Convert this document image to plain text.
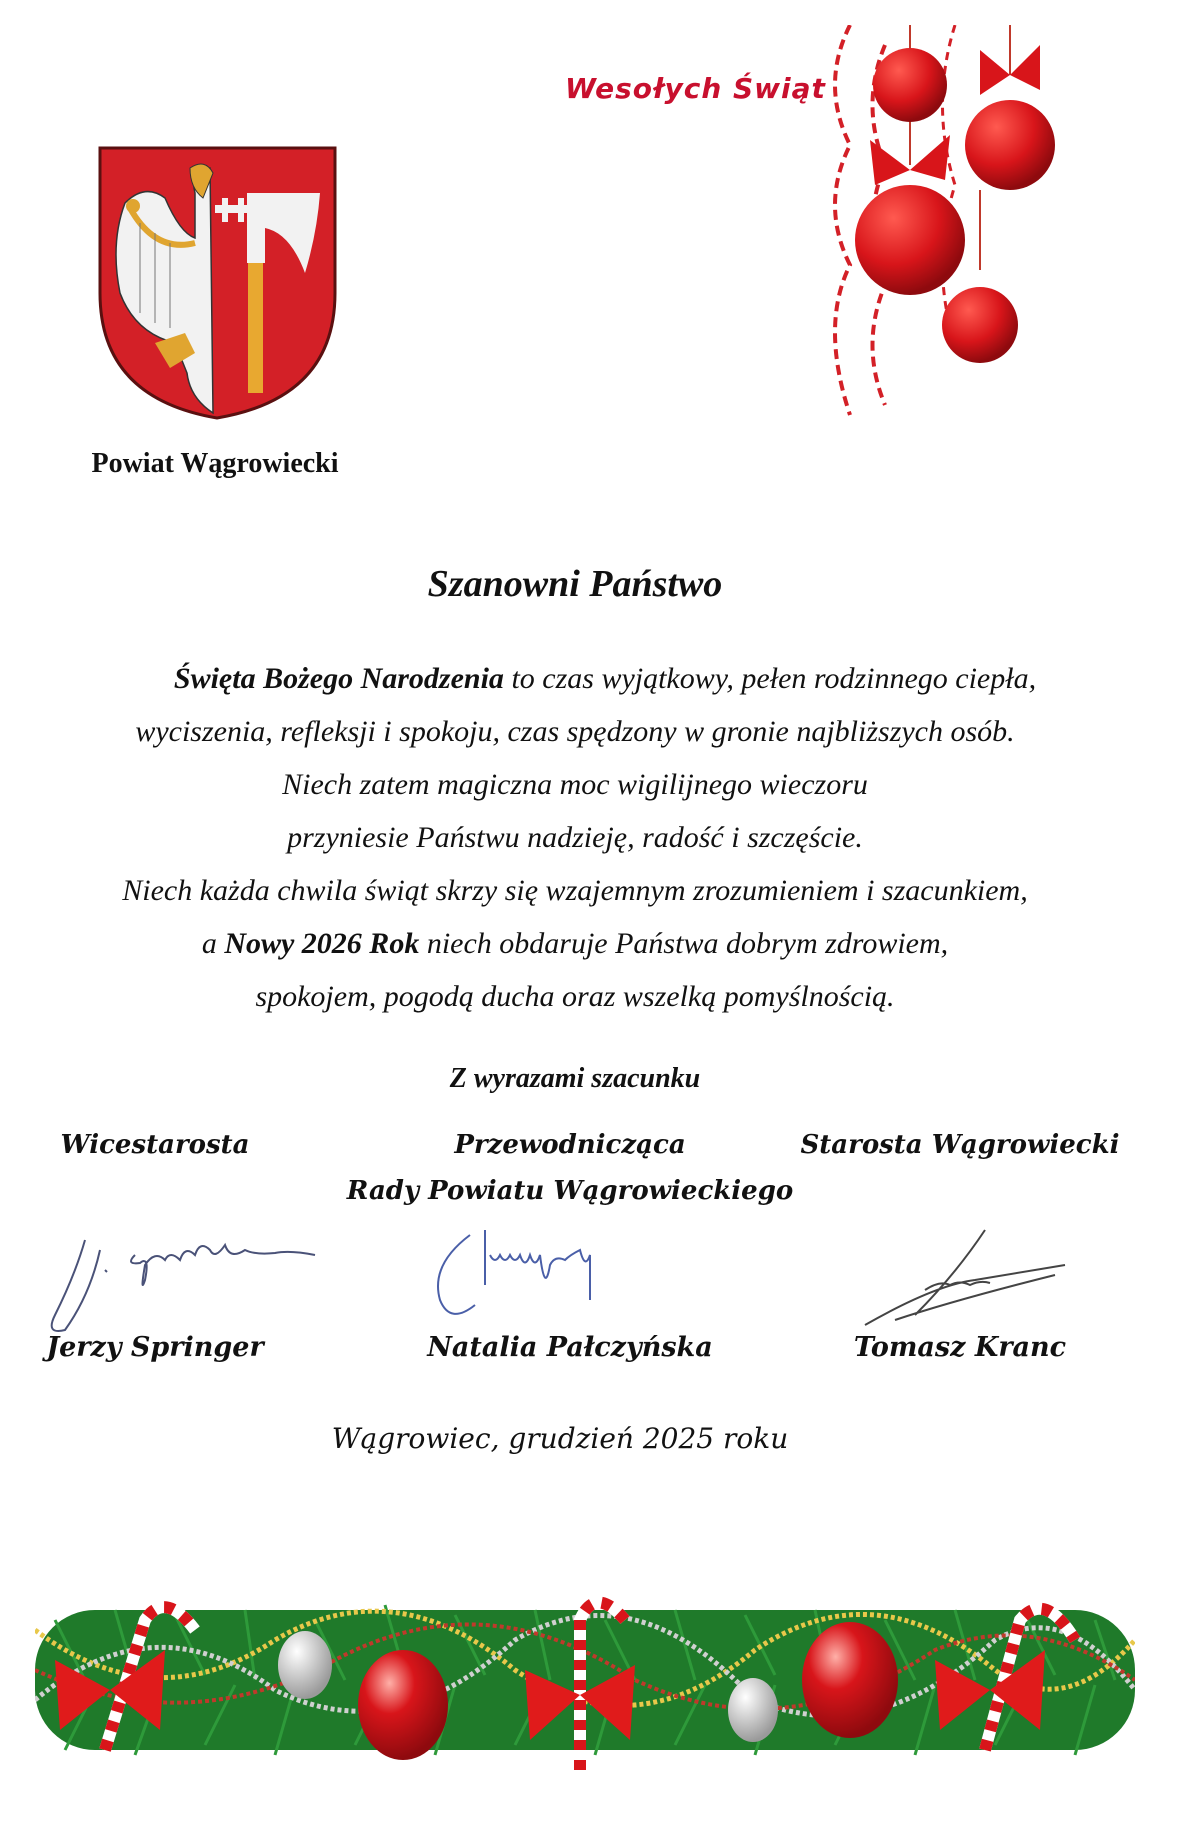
Powiat Wągrowiecki
Wesołych Świąt
Szanowni Państwo
Święta Bożego Narodzenia to czas wyjątkowy, pełen rodzinnego ciepła,
wyciszenia, refleksji i spokoju, czas spędzony w gronie najbliższych osób.
Niech zatem magiczna moc wigilijnego wieczoru
przyniesie Państwu nadzieję, radość i szczęście.
Niech każda chwila świąt skrzy się wzajemnym zrozumieniem i szacunkiem,
a Nowy 2026 Rok niech obdaruje Państwa dobrym zdrowiem,
spokojem, pogodą ducha oraz wszelką pomyślnością.
Z wyrazami szacunku
Wicestarosta	Przewodnicząca
Rady Powiatu Wągrowieckiego
Starosta Wągrowiecki
Jerzy Springer	Natalia Pałczyńska	Tomasz Kranc
Wągrowiec, grudzień 2025 roku
